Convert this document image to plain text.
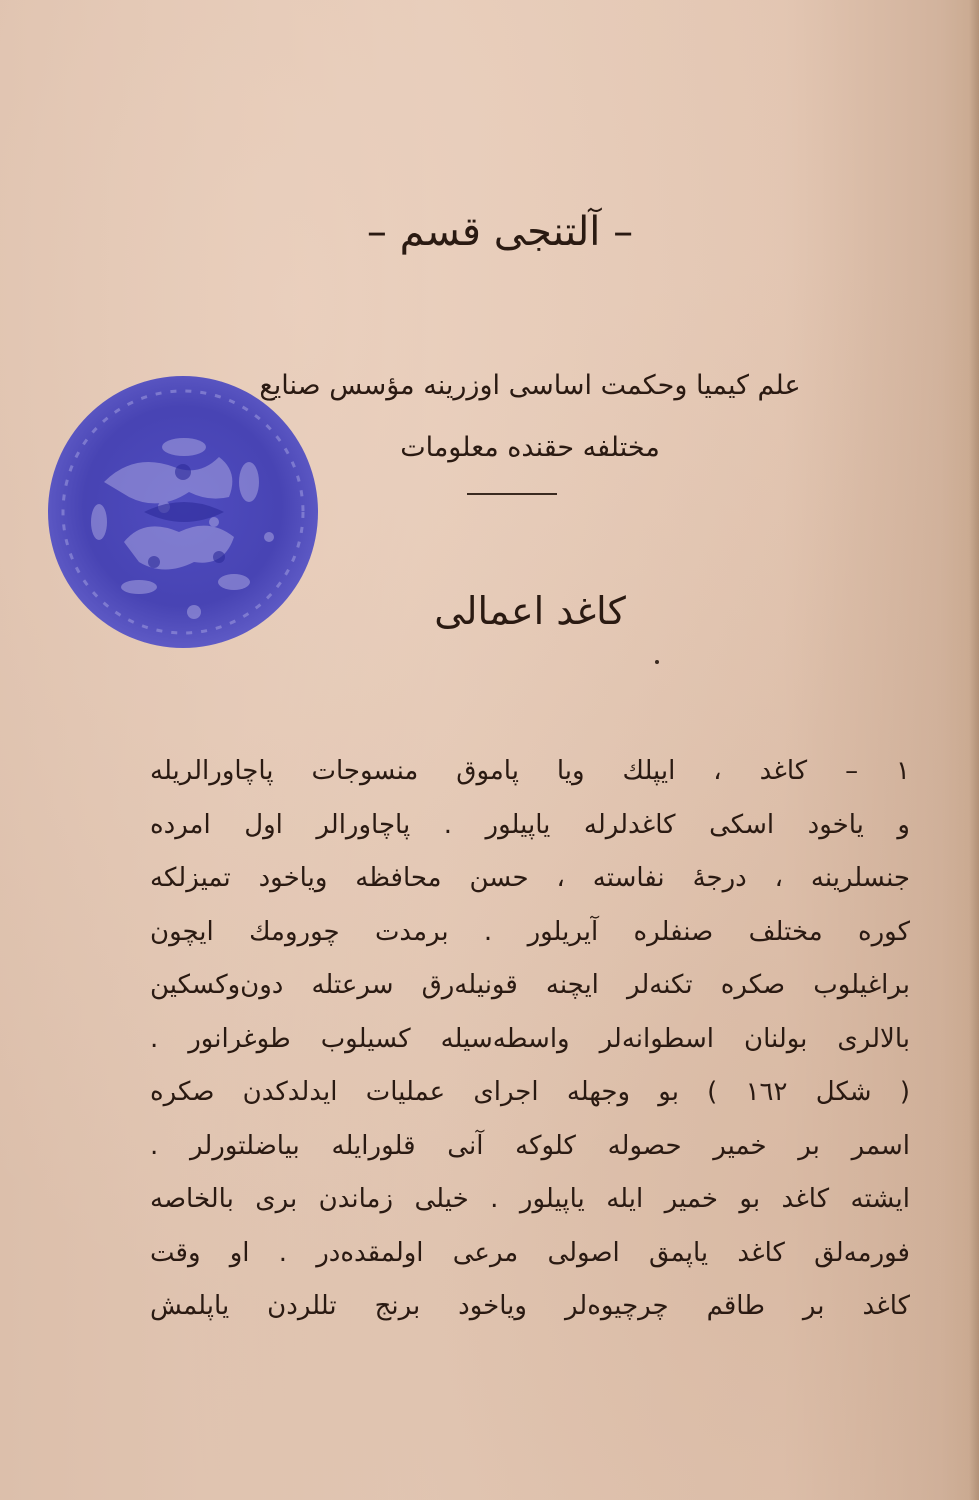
– آلتنجی قسم –
علم کیمیا وحکمت اساسی اوزرینه مؤسس صنایع
مختلفه حقنده معلومات
کاغد اعمالی
١ – کاغد ، ایپلك ویا پاموق منسوجات پاچاورالریله
و یاخود اسکی کاغدلرله یاپیلور . پاچاورالر اول امرده
جنسلرینه ، درجهٔ نفاسته ، حسن محافظه ویاخود تمیزلکه
کوره مختلف صنفلره آیریلور . برمدت چورومك ایچون
براغیلوب صکره تکنه‌لر ایچنه قونیله‌رق سرعتله دون‌وکسکین
بالالری بولنان اسطوانه‌لر واسطه‌سیله کسیلوب طوغرانور .
( شکل ١٦٢ ) بو وجهله اجرای عملیات ایدلدکدن صکره
اسمر بر خمیر حصوله کلوکه آنی قلورایله بیاضلتورلر .
ایشته کاغد بو خمیر ایله یاپیلور . خیلی زماندن بری بالخاصه
فورمه‌لق کاغد یاپمق اصولی مرعی اولمقده‌در . او وقت
کاغد بر طاقم چرچیوه‌لر ویاخود برنج تللردن یاپلمش
